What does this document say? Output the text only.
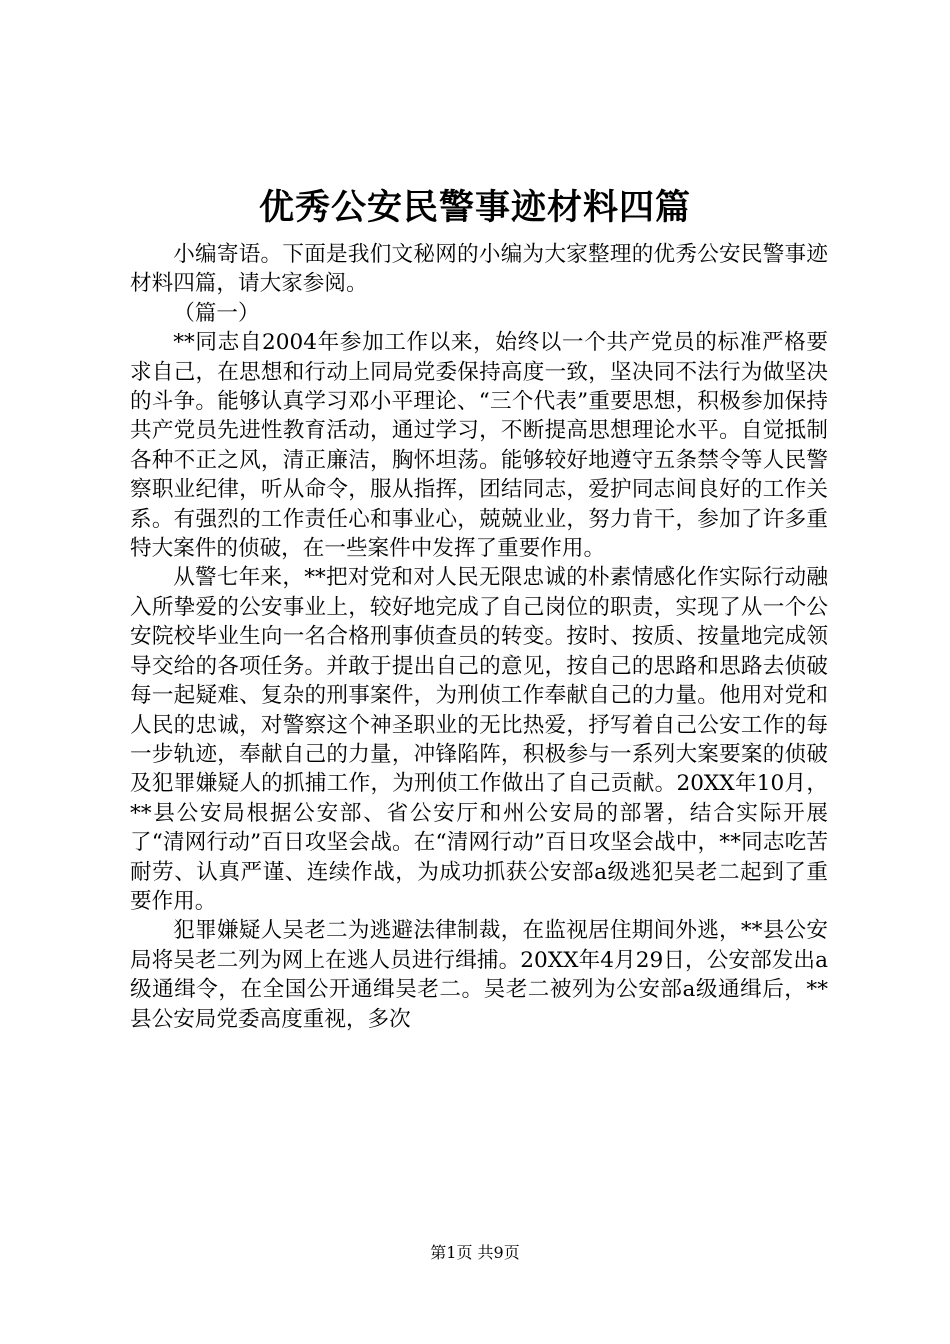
优秀公安民警事迹材料四篇

小编寄语。下面是我们文秘网的小编为大家整理的优秀公安民警事迹材料四篇，请大家参阅。

（篇一）

**同志自2004年参加工作以来，始终以一个共产党员的标准严格要求自己，在思想和行动上同局党委保持高度一致，坚决同不法行为做坚决的斗争。能够认真学习邓小平理论、“三个代表”重要思想，积极参加保持共产党员先进性教育活动，通过学习，不断提高思想理论水平。自觉抵制各种不正之风，清正廉洁，胸怀坦荡。能够较好地遵守五条禁令等人民警察职业纪律，听从命令，服从指挥，团结同志，爱护同志间良好的工作关系。有强烈的工作责任心和事业心，兢兢业业，努力肯干，参加了许多重特大案件的侦破，在一些案件中发挥了重要作用。

从警七年来，**把对党和对人民无限忠诚的朴素情感化作实际行动融入所挚爱的公安事业上，较好地完成了自己岗位的职责，实现了从一个公安院校毕业生向一名合格刑事侦查员的转变。按时、按质、按量地完成领导交给的各项任务。并敢于提出自己的意见，按自己的思路和思路去侦破每一起疑难、复杂的刑事案件，为刑侦工作奉献自己的力量。他用对党和人民的忠诚，对警察这个神圣职业的无比热爱，抒写着自己公安工作的每一步轨迹，奉献自己的力量，冲锋陷阵，积极参与一系列大案要案的侦破及犯罪嫌疑人的抓捕工作，为刑侦工作做出了自己贡献。20XX年10月，**县公安局根据公安部、省公安厅和州公安局的部署，结合实际开展了“清网行动”百日攻坚会战。在“清网行动”百日攻坚会战中，**同志吃苦耐劳、认真严谨、连续作战，为成功抓获公安部a级逃犯吴老二起到了重要作用。

犯罪嫌疑人吴老二为逃避法律制裁，在监视居住期间外逃，**县公安局将吴老二列为网上在逃人员进行缉捕。20XX年4月29日，公安部发出a级通缉令，在全国公开通缉吴老二。吴老二被列为公安部a级通缉后，**县公安局党委高度重视，多次

第1页 共9页
